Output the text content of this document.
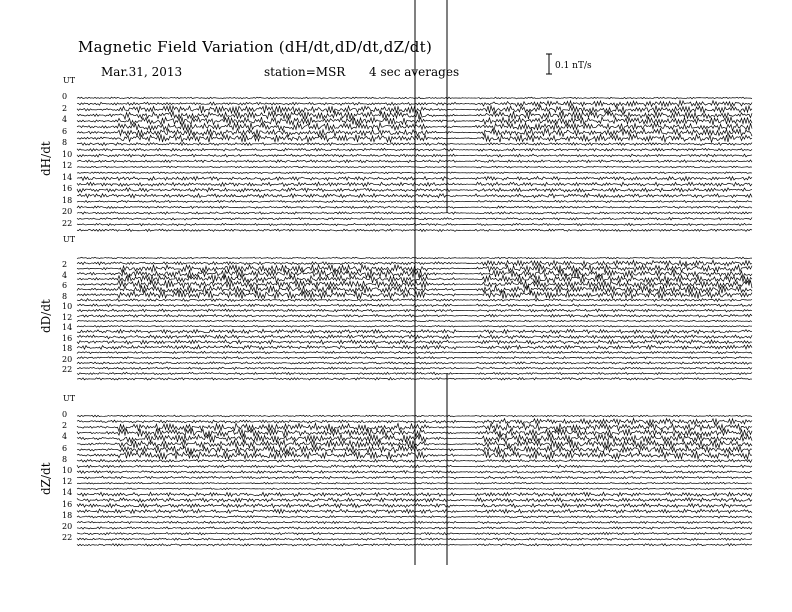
Magnetic Field Variation (dH/dt,dD/dt,dZ/dt)
Mar.31, 2013	station=MSR 4 sec averages	0.1 nT/s
UT
0
2
4
6
8
10
12
14
16
18
20
22
dH/dt
UT
2
4
6
8
10
12
14
16
18
20
22
dD/dt
UT
0
2
4
6
8
10
12
14
16
18
20
22
dZ/dt
